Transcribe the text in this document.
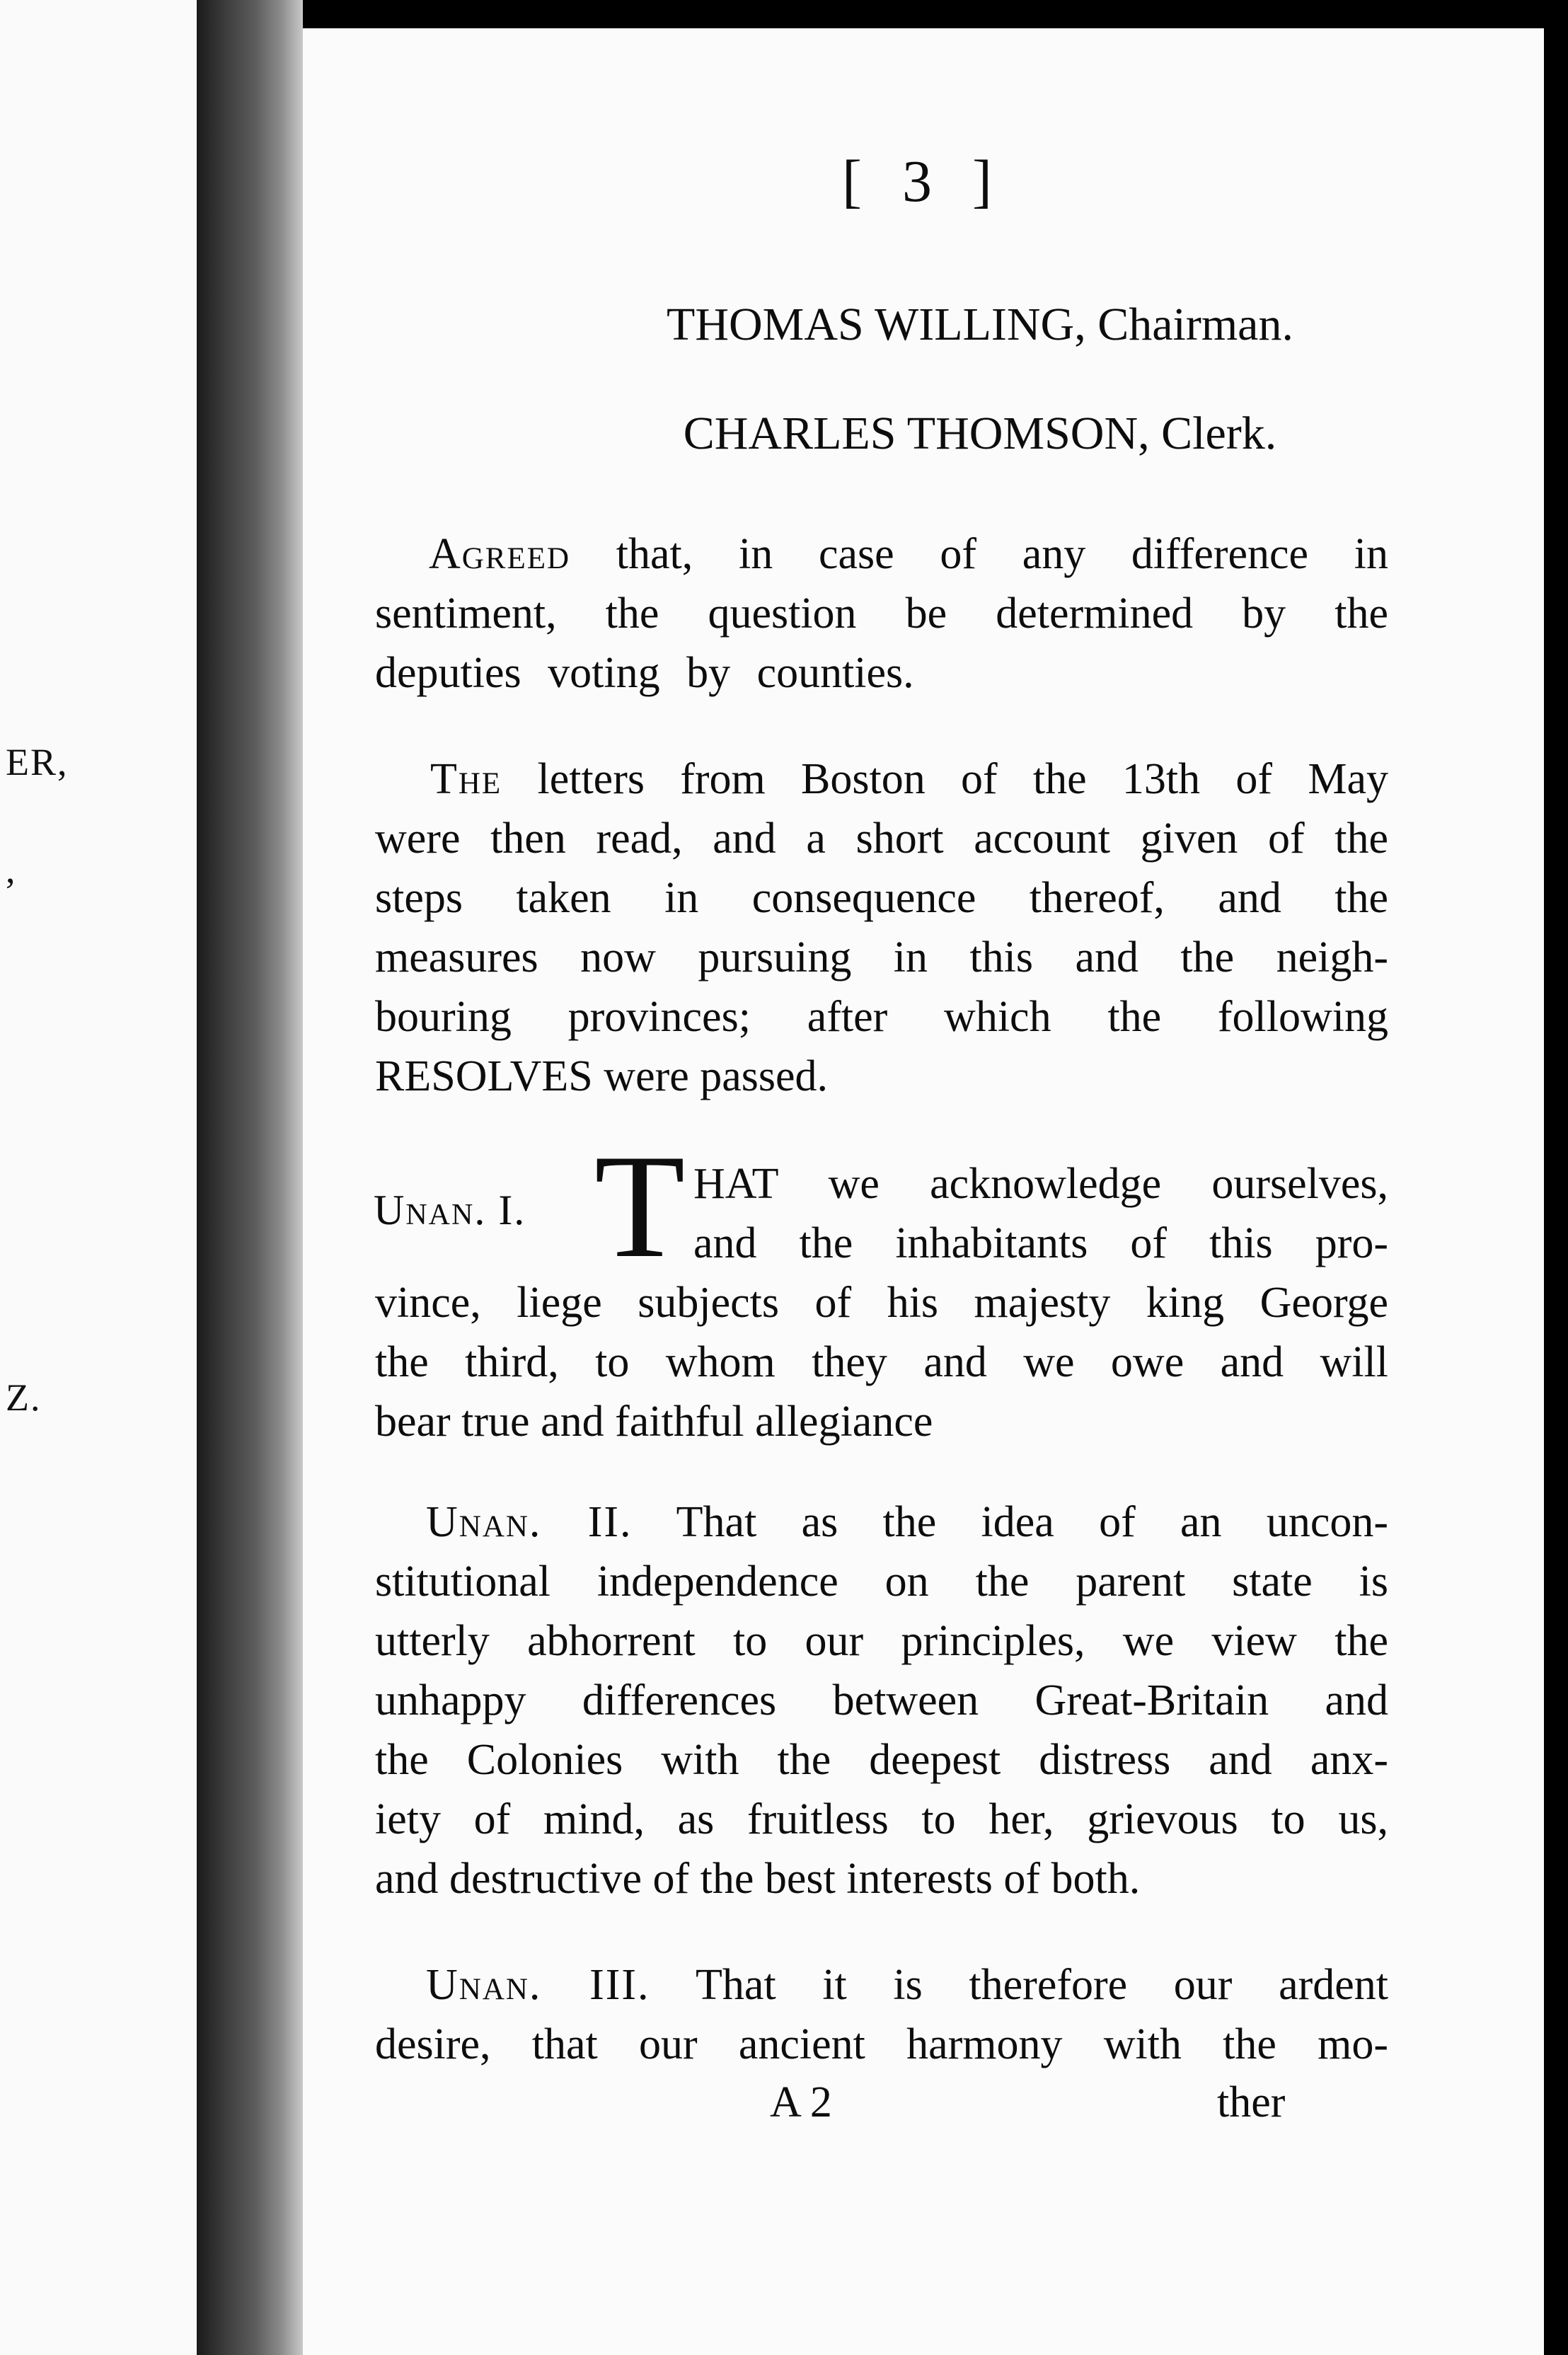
ER,
,
Z.
[ 3 ]
THOMAS WILLING, Chairman.
CHARLES THOMSON, Clerk.
Agreed that, in case of any difference in
sentiment, the question be determined by the
deputies voting by counties.
The letters from Boston of the 13th of May
were then read, and a short account given of the
steps taken in consequence thereof, and the
measures now pursuing in this and the neigh-
bouring provinces; after which the following
RESOLVES were passed.
Unan. I. T HAT we acknowledge ourselves,
and the inhabitants of this pro-
vince, liege subjects of his majesty king George
the third, to whom they and we owe and will
bear true and faithful allegiance
Unan. II. That as the idea of an uncon-
stitutional independence on the parent state is
utterly abhorrent to our principles, we view the
unhappy differences between Great-Britain and
the Colonies with the deepest distress and anx-
iety of mind, as fruitless to her, grievous to us,
and destructive of the best interests of both.
Unan. III. That it is therefore our ardent
desire, that our ancient harmony with the mo-
A 2	ther
